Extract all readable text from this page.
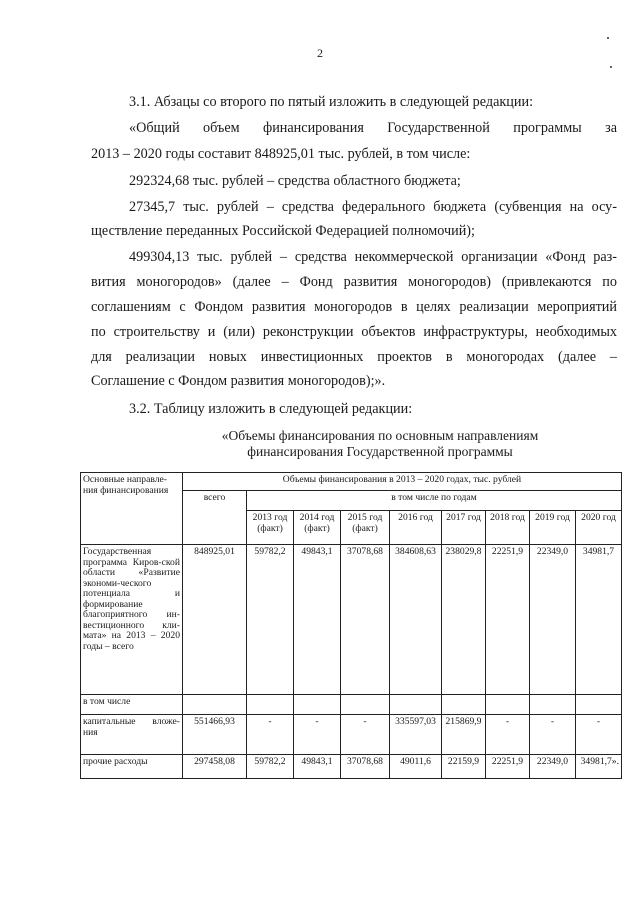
2
3.1. Абзацы со второго по пятый изложить в следующей редакции:
«Общий объем финансирования Государственной программы за
2013 – 2020 годы составит 848925,01 тыс. рублей, в том числе:
292324,68 тыс. рублей – средства областного бюджета;
27345,7 тыс. рублей – средства федерального бюджета (субвенция на осу-
ществление переданных Российской Федерацией полномочий);
499304,13 тыс. рублей – средства некоммерческой организации «Фонд раз-
вития моногородов» (далее – Фонд развития моногородов) (привлекаются по
соглашениям с Фондом развития моногородов в целях реализации мероприятий
по строительству и (или) реконструкции объектов инфраструктуры, необходимых
для реализации новых инвестиционных проектов в моногородах (далее –
Соглашение с Фондом развития моногородов);».
3.2. Таблицу изложить в следующей редакции:
«Объемы финансирования по основным направлениям
финансирования Государственной программы
Основные направле-ния финансирования	Объемы финансирования в 2013 – 2020 годах, тыс. рублей								
	всего	в том числе по годам							
		2013 год (факт)	2014 год (факт)	2015 год (факт)	2016 год	2017 год	2018 год	2019 год	2020 год
Государственная программа Киров-ской области «Развитие экономи-ческого потенциала и формирование благоприятного ин-вестиционного кли-мата» на 2013 – 2020 годы – всего	848925,01	59782,2	49843,1	37078,68	384608,63	238029,8	22251,9	22349,0	34981,7
в том числе									
капитальные вложе-ния	551466,93	-	-	-	335597,03	215869,9	-	-	-
прочие расходы	297458,08	59782,2	49843,1	37078,68	49011,6	22159,9	22251,9	22349,0	34981,7».
